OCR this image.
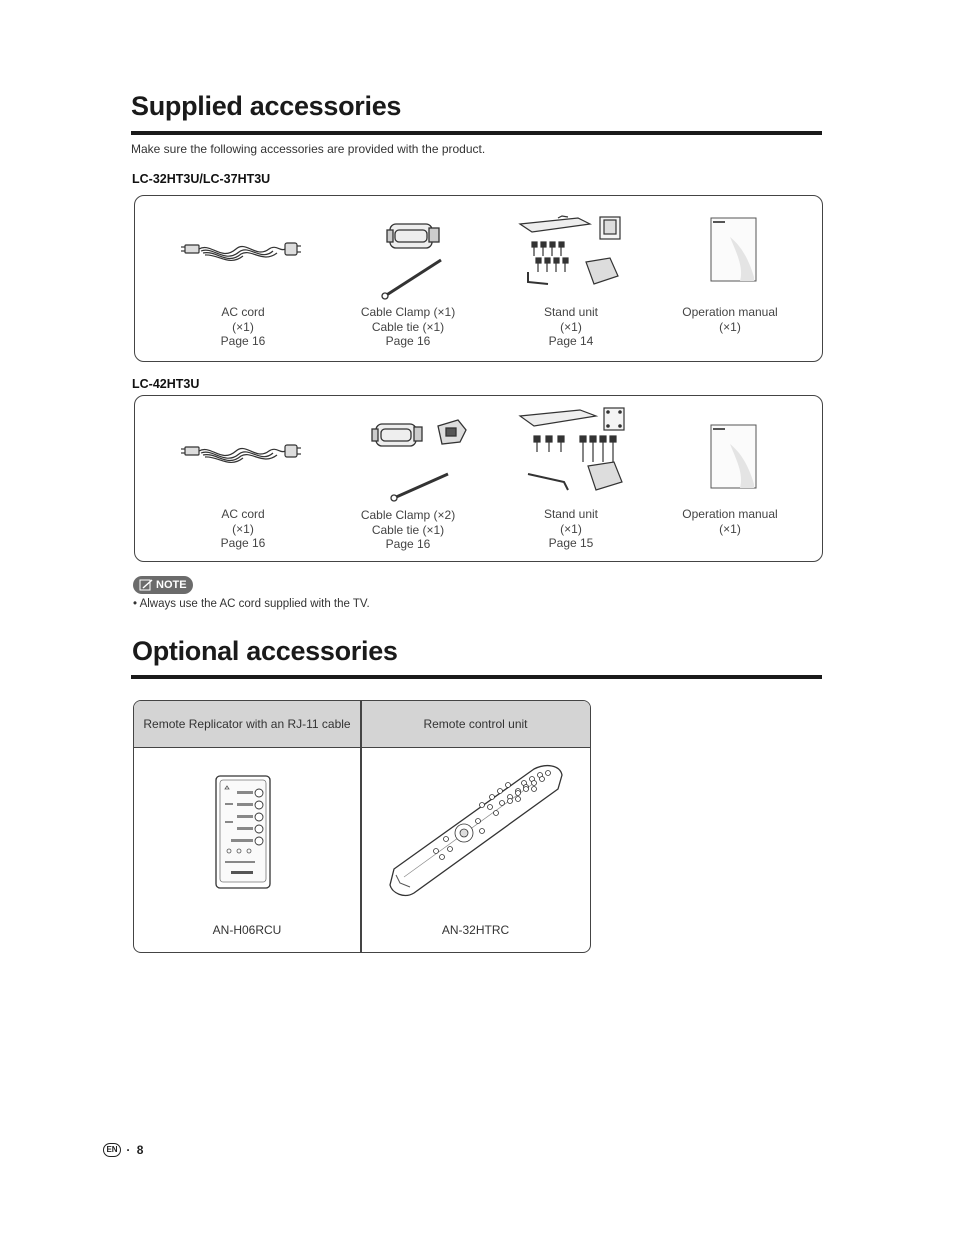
Supplied accessories
Make sure the following accessories are provided with the product.
LC-32HT3U/LC-37HT3U
AC cord
(×1)
Page 16
Cable Clamp (×1)
Cable tie (×1)
Page 16
Stand unit
(×1)
Page 14
Operation manual
(×1)
LC-42HT3U
AC cord
(×1)
Page 16
Cable Clamp (×2)
Cable tie (×1)
Page 16
Stand unit
(×1)
Page 15
Operation manual
(×1)
NOTE
• Always use the AC cord supplied with the TV.
Optional accessories
Remote Replicator with an RJ-11 cable	Remote control unit
AN-H06RCU	AN-32HTRC
EN · 8
